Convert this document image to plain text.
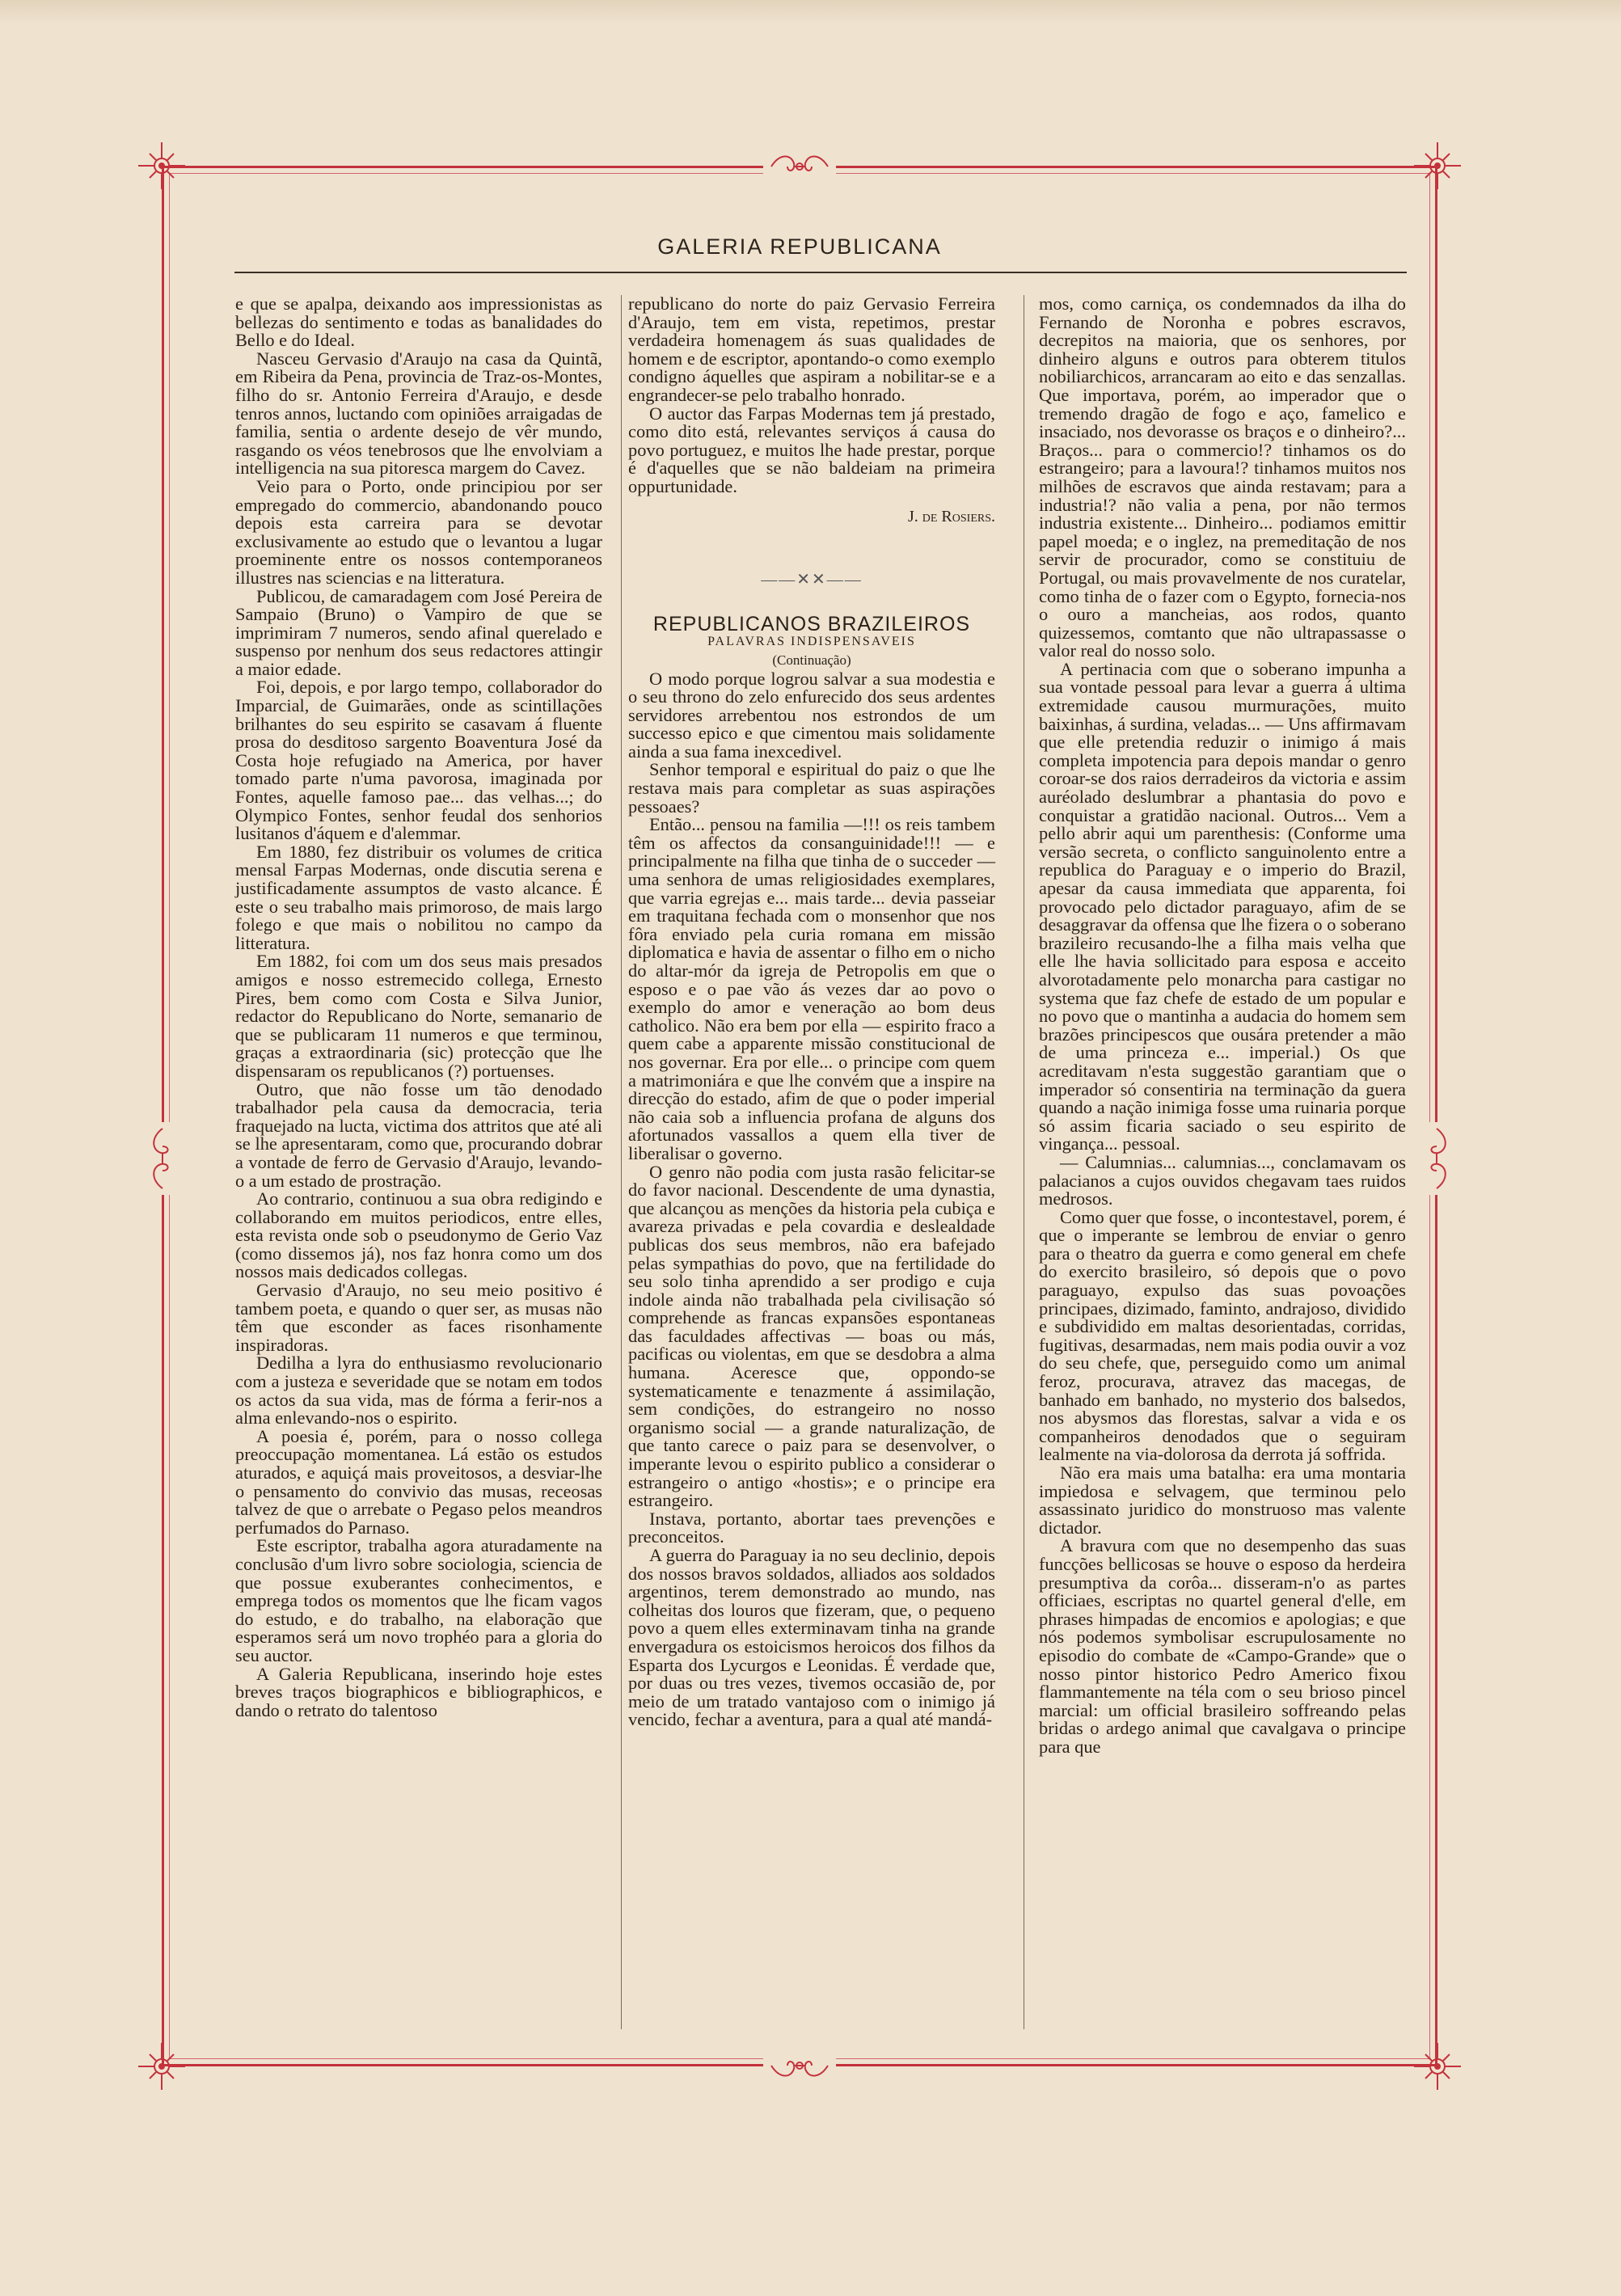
GALERIA REPUBLICANA

e que se apalpa, deixando aos impressionistas as bellezas do sentimento e todas as banalidades do Bello e do Ideal.

Nasceu Gervasio d'Araujo na casa da Quintã, em Ribeira da Pena, provincia de Traz-os-Montes, filho do sr. Antonio Ferreira d'Araujo, e desde tenros annos, luctando com opiniões arraigadas de familia, sentia o ardente desejo de vêr mundo, rasgando os véos tenebrosos que lhe envolviam a intelligencia na sua pitoresca margem do Cavez.

Veio para o Porto, onde principiou por ser empregado do commercio, abandonando pouco depois esta carreira para se devotar exclusivamente ao estudo que o levantou a lugar proeminente entre os nossos contemporaneos illustres nas sciencias e na litteratura.

Publicou, de camaradagem com José Pereira de Sampaio (Bruno) o Vampiro de que se imprimiram 7 numeros, sendo afinal querelado e suspenso por nenhum dos seus redactores attingir a maior edade.

Foi, depois, e por largo tempo, collaborador do Imparcial, de Guimarães, onde as scintillações brilhantes do seu espirito se casavam á fluente prosa do desditoso sargento Boaventura José da Costa hoje refugiado na America, por haver tomado parte n'uma pavorosa, imaginada por Fontes, aquelle famoso pae... das velhas...; do Olympico Fontes, senhor feudal dos senhorios lusitanos d'áquem e d'alemmar.

Em 1880, fez distribuir os volumes de critica mensal Farpas Modernas, onde discutia serena e justificadamente assumptos de vasto alcance. É este o seu trabalho mais primoroso, de mais largo folego e que mais o nobilitou no campo da litteratura.

Em 1882, foi com um dos seus mais presados amigos e nosso estremecido collega, Ernesto Pires, bem como com Costa e Silva Junior, redactor do Republicano do Norte, semanario de que se publicaram 11 numeros e que terminou, graças a extraordinaria (sic) protecção que lhe dispensaram os republicanos (?) portuenses.

Outro, que não fosse um tão denodado trabalhador pela causa da democracia, teria fraquejado na lucta, victima dos attritos que até ali se lhe apresentaram, como que, procurando dobrar a vontade de ferro de Gervasio d'Araujo, levando-o a um estado de prostração.

Ao contrario, continuou a sua obra redigindo e collaborando em muitos periodicos, entre elles, esta revista onde sob o pseudonymo de Gerio Vaz (como dissemos já), nos faz honra como um dos nossos mais dedicados collegas.

Gervasio d'Araujo, no seu meio positivo é tambem poeta, e quando o quer ser, as musas não têm que esconder as faces risonhamente inspiradoras.

Dedilha a lyra do enthusiasmo revolucionario com a justeza e severidade que se notam em todos os actos da sua vida, mas de fórma a ferir-nos a alma enlevando-nos o espirito.

A poesia é, porém, para o nosso collega preoccupação momentanea. Lá estão os estudos aturados, e aquiçá mais proveitosos, a desviar-lhe o pensamento do convivio das musas, receosas talvez de que o arrebate o Pegaso pelos meandros perfumados do Parnaso.

Este escriptor, trabalha agora aturadamente na conclusão d'um livro sobre sociologia, sciencia de que possue exuberantes conhecimentos, e emprega todos os momentos que lhe ficam vagos do estudo, e do trabalho, na elaboração que esperamos será um novo trophéo para a gloria do seu auctor.

A Galeria Republicana, inserindo hoje estes breves traços biographicos e bibliographicos, e dando o retrato do talentoso

republicano do norte do paiz Gervasio Ferreira d'Araujo, tem em vista, repetimos, prestar verdadeira homenagem ás suas qualidades de homem e de escriptor, apontando-o como exemplo condigno áquelles que aspiram a nobilitar-se e a engrandecer-se pelo trabalho honrado.

O auctor das Farpas Modernas tem já prestado, como dito está, relevantes serviços á causa do povo portuguez, e muitos lhe hade prestar, porque é d'aquelles que se não baldeiam na primeira oppurtunidade.

J. de Rosiers.

——✕✕——

REPUBLICANOS BRAZILEIROS

PALAVRAS INDISPENSAVEIS

(Continuação)

O modo porque logrou salvar a sua modestia e o seu throno do zelo enfurecido dos seus ardentes servidores arrebentou nos estrondos de um successo epico e que cimentou mais solidamente ainda a sua fama inexcedivel.

Senhor temporal e espiritual do paiz o que lhe restava mais para completar as suas aspirações pessoaes?

Então... pensou na familia —!!! os reis tambem têm os affectos da consanguinidade!!! — e principalmente na filha que tinha de o succeder — uma senhora de umas religiosidades exemplares, que varria egrejas e... mais tarde... devia passeiar em traquitana fechada com o monsenhor que nos fôra enviado pela curia romana em missão diplomatica e havia de assentar o filho em o nicho do altar-mór da igreja de Petropolis em que o esposo e o pae vão ás vezes dar ao povo o exemplo do amor e veneração ao bom deus catholico. Não era bem por ella — espirito fraco a quem cabe a apparente missão constitucional de nos governar. Era por elle... o principe com quem a matrimoniára e que lhe convém que a inspire na direcção do estado, afim de que o poder imperial não caia sob a influencia profana de alguns dos afortunados vassallos a quem ella tiver de liberalisar o governo.

O genro não podia com justa rasão felicitar-se do favor nacional. Descendente de uma dynastia, que alcançou as menções da historia pela cubiça e avareza privadas e pela covardia e deslealdade publicas dos seus membros, não era bafejado pelas sympathias do povo, que na fertilidade do seu solo tinha aprendido a ser prodigo e cuja indole ainda não trabalhada pela civilisação só comprehende as francas expansões espontaneas das faculdades affectivas — boas ou más, pacificas ou violentas, em que se desdobra a alma humana. Aceresce que, oppondo-se systematicamente e tenazmente á assimilação, sem condições, do estrangeiro no nosso organismo social — a grande naturalização, de que tanto carece o paiz para se desenvolver, o imperante levou o espirito publico a considerar o estrangeiro o antigo «hostis»; e o principe era estrangeiro.

Instava, portanto, abortar taes prevenções e preconceitos.

A guerra do Paraguay ia no seu declinio, depois dos nossos bravos soldados, alliados aos soldados argentinos, terem demonstrado ao mundo, nas colheitas dos louros que fizeram, que, o pequeno povo a quem elles exterminavam tinha na grande envergadura os estoicismos heroicos dos filhos da Esparta dos Lycurgos e Leonidas. É verdade que, por duas ou tres vezes, tivemos occasião de, por meio de um tratado vantajoso com o inimigo já vencido, fechar a aventura, para a qual até mandá-

mos, como carniça, os condemnados da ilha do Fernando de Noronha e pobres escravos, decrepitos na maioria, que os senhores, por dinheiro alguns e outros para obterem titulos nobiliarchicos, arrancaram ao eito e das senzallas. Que importava, porém, ao imperador que o tremendo dragão de fogo e aço, famelico e insaciado, nos devorasse os braços e o dinheiro?... Braços... para o commercio!? tinhamos os do estrangeiro; para a lavoura!? tinhamos muitos nos milhões de escravos que ainda restavam; para a industria!? não valia a pena, por não termos industria existente... Dinheiro... podiamos emittir papel moeda; e o inglez, na premeditação de nos servir de procurador, como se constituiu de Portugal, ou mais provavelmente de nos curatelar, como tinha de o fazer com o Egypto, fornecia-nos o ouro a mancheias, aos rodos, quanto quizessemos, comtanto que não ultrapassasse o valor real do nosso solo.

A pertinacia com que o soberano impunha a sua vontade pessoal para levar a guerra á ultima extremidade causou murmurações, muito baixinhas, á surdina, veladas... — Uns affirmavam que elle pretendia reduzir o inimigo á mais completa impotencia para depois mandar o genro coroar-se dos raios derradeiros da victoria e assim auréolado deslumbrar a phantasia do povo e conquistar a gratidão nacional. Outros... Vem a pello abrir aqui um parenthesis: (Conforme uma versão secreta, o conflicto sanguinolento entre a republica do Paraguay e o imperio do Brazil, apesar da causa immediata que apparenta, foi provocado pelo dictador paraguayo, afim de se desaggravar da offensa que lhe fizera o o soberano brazileiro recusando-lhe a filha mais velha que elle lhe havia sollicitado para esposa e acceito alvorotadamente pelo monarcha para castigar no systema que faz chefe de estado de um popular e no povo que o mantinha a audacia do homem sem brazões principescos que ousára pretender a mão de uma princeza e... imperial.) Os que acreditavam n'esta suggestão garantiam que o imperador só consentiria na terminação da guera quando a nação inimiga fosse uma ruinaria porque só assim ficaria saciado o seu espirito de vingança... pessoal.

— Calumnias... calumnias..., conclamavam os palacianos a cujos ouvidos chegavam taes ruidos medrosos.

Como quer que fosse, o incontestavel, porem, é que o imperante se lembrou de enviar o genro para o theatro da guerra e como general em chefe do exercito brasileiro, só depois que o povo paraguayo, expulso das suas povoações principaes, dizimado, faminto, andrajoso, dividido e subdividido em maltas desorientadas, corridas, fugitivas, desarmadas, nem mais podia ouvir a voz do seu chefe, que, perseguido como um animal feroz, procurava, atravez das macegas, de banhado em banhado, no mysterio dos balsedos, nos abysmos das florestas, salvar a vida e os companheiros denodados que o seguiram lealmente na via-dolorosa da derrota já soffrida.

Não era mais uma batalha: era uma montaria impiedosa e selvagem, que terminou pelo assassinato juridico do monstruoso mas valente dictador.

A bravura com que no desempenho das suas funcções bellicosas se houve o esposo da herdeira presumptiva da corôa... disseram-n'o as partes officiaes, escriptas no quartel general d'elle, em phrases himpadas de encomios e apologias; e que nós podemos symbolisar escrupulosamente no episodio do combate de «Campo-Grande» que o nosso pintor historico Pedro Americo fixou flammantemente na téla com o seu brioso pincel marcial: um official brasileiro soffreando pelas bridas o ardego animal que cavalgava o principe para que
